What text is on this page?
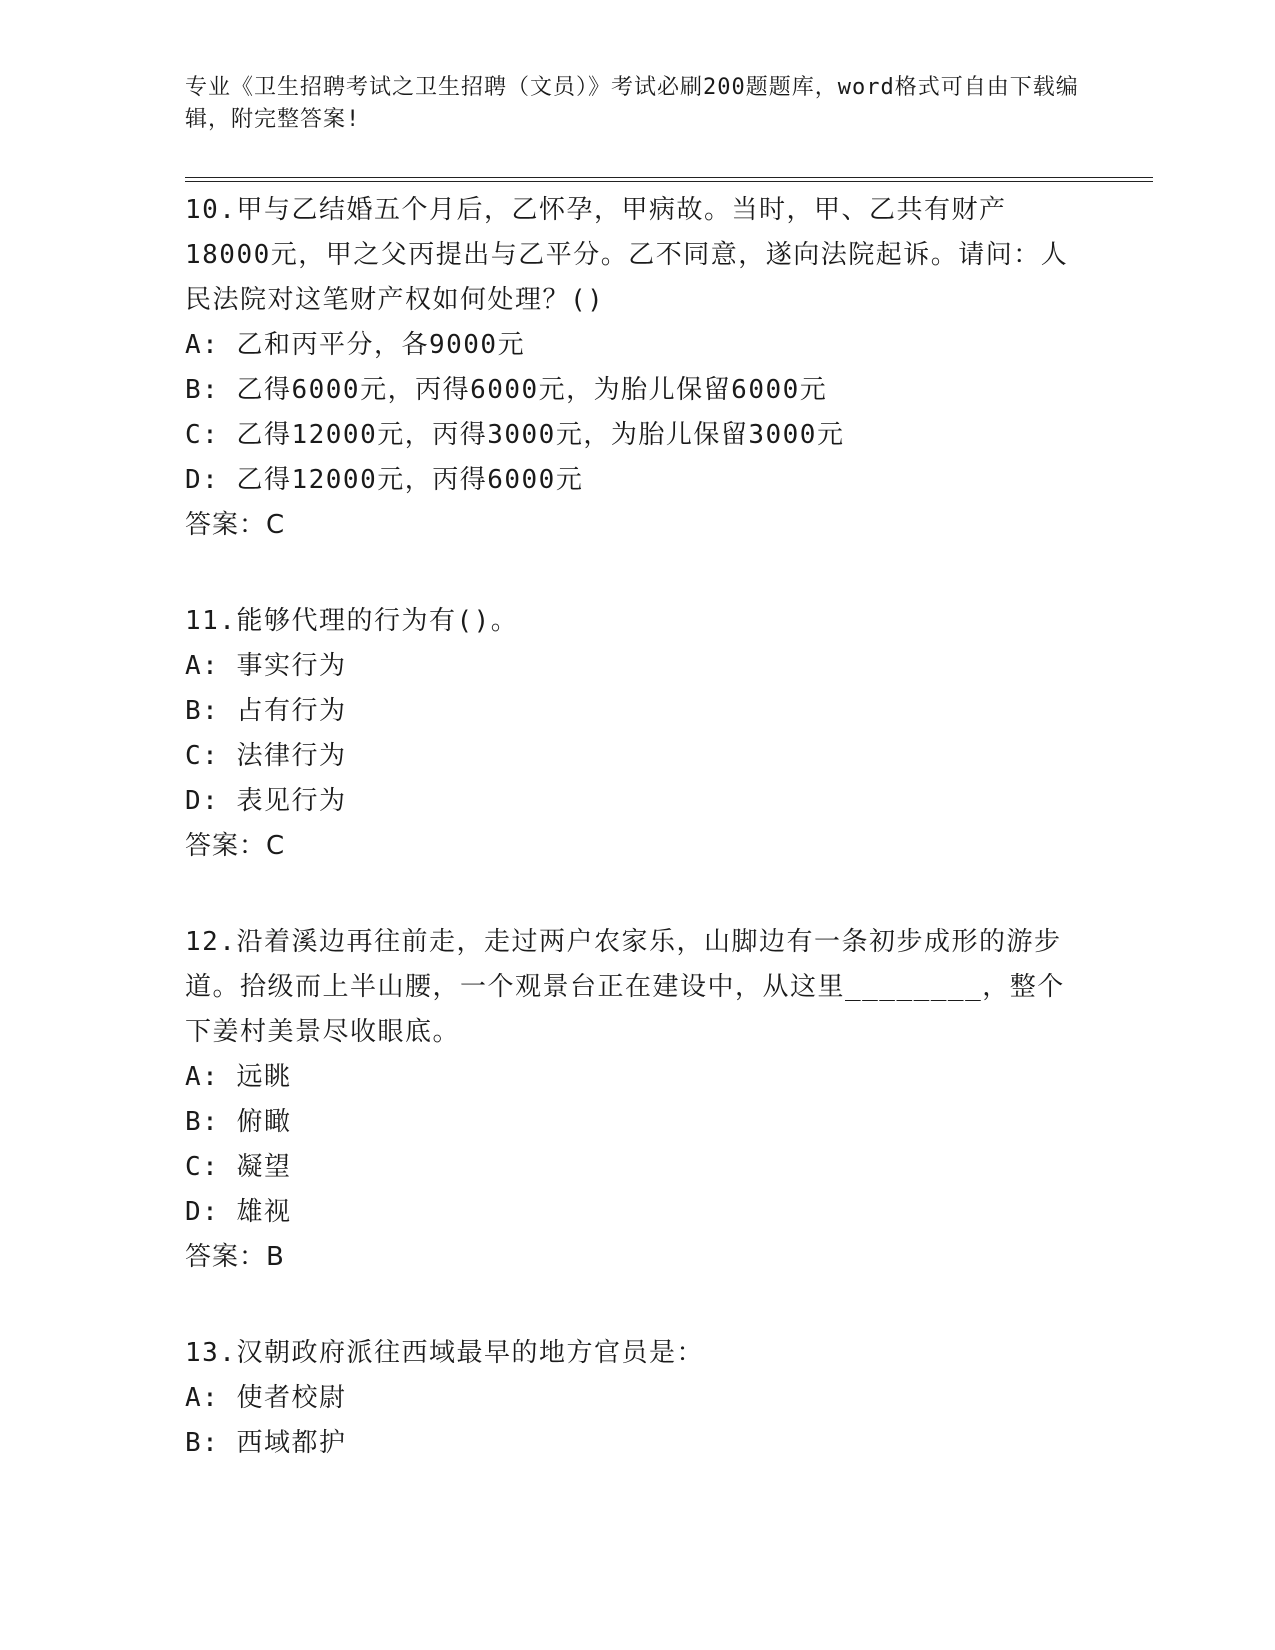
专业《卫生招聘考试之卫生招聘（文员）》考试必刷200题题库，word格式可自由下载编辑，附完整答案!

10.甲与乙结婚五个月后，乙怀孕，甲病故。当时，甲、乙共有财产18000元，甲之父丙提出与乙平分。乙不同意，遂向法院起诉。请问：人民法院对这笔财产权如何处理？()

A: 乙和丙平分，各9000元

B: 乙得6000元，丙得6000元，为胎儿保留6000元

C: 乙得12000元，丙得3000元，为胎儿保留3000元

D: 乙得12000元，丙得6000元

答案：C

11.能够代理的行为有()。

A: 事实行为

B: 占有行为

C: 法律行为

D: 表见行为

答案：C

12.沿着溪边再往前走，走过两户农家乐，山脚边有一条初步成形的游步道。拾级而上半山腰，一个观景台正在建设中，从这里________，整个下姜村美景尽收眼底。

A: 远眺

B: 俯瞰

C: 凝望

D: 雄视

答案：B

13.汉朝政府派往西域最早的地方官员是：

A: 使者校尉

B: 西域都护
